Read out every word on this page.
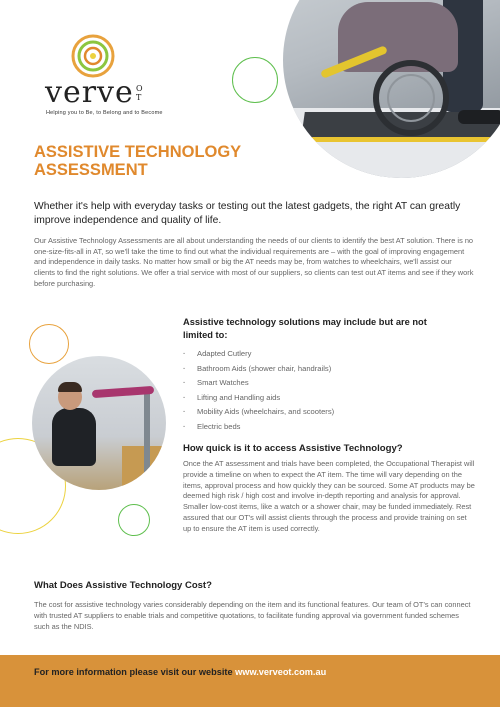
verve O
T
Helping you to Be, to Belong and to Become
ASSISTIVE TECHNOLOGY
ASSESSMENT
Whether it's help with everyday tasks or testing out the latest gadgets, the right AT can greatly improve independence and quality of life.
Our Assistive Technology Assessments are all about understanding the needs of our clients to identify the best AT solution. There is no one-size-fits-all in AT, so we'll take the time to find out what the individual requirements are – with the goal of improving engagement and independence in daily tasks. No matter how small or big the AT needs may be, from watches to wheelchairs, we'll assist our clients to find the right solutions. We offer a trial service with most of our suppliers, so clients can test out AT items and see if they work before purchasing.
Assistive technology solutions may include but are not limited to:
· Adapted Cutlery
· Bathroom Aids (shower chair, handrails)
· Smart Watches
· Lifting and Handling aids
· Mobility Aids (wheelchairs, and scooters)
· Electric beds
How quick is it to access Assistive Technology?
Once the AT assessment and trials have been completed, the Occupational Therapist will provide a timeline on when to expect the AT item. The time will vary depending on the items, approval process and how quickly they can be sourced. Some AT products may be deemed high risk / high cost and involve in-depth reporting and analysis for approval. Smaller low-cost items, like a watch or a shower chair, may be funded immediately. Rest assured that our OT's will assist clients through the process and provide training on set up to ensure the AT item is used correctly.
What Does Assistive Technology Cost?
The cost for assistive technology varies considerably depending on the item and its functional features. Our team of OT's can connect with trusted AT suppliers to enable trials and competitive quotations, to facilitate funding approval via government funded schemes such as the NDIS.
For more information please visit our website www.verveot.com.au
